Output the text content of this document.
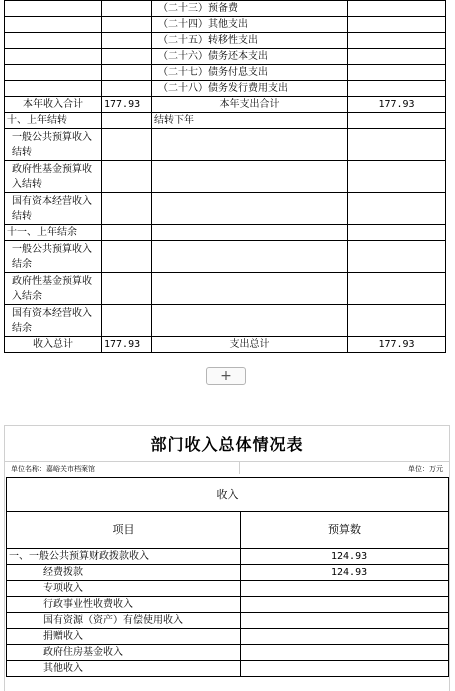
		（二十三）预备费	
		（二十四）其他支出	
		（二十五）转移性支出	
		（二十六）债务还本支出	
		（二十七）债务付息支出	
		（二十八）债务发行费用支出	
本年收入合计	177.93	本年支出合计	177.93
十、上年结转		结转下年	
一般公共预算收入结转			
政府性基金预算收入结转			
国有资本经营收入结转			
十一、上年结余			
一般公共预算收入结余			
政府性基金预算收入结余			
国有资本经营收入结余			
收入总计	177.93	支出总计	177.93
+
部门收入总体情况表
单位名称：嘉峪关市档案馆	单位：万元
收入	
项目	预算数
一、一般公共预算财政拨款收入	124.93
经费拨款	124.93
专项收入	
行政事业性收费收入	
国有资源（资产）有偿使用收入	
捐赠收入	
政府住房基金收入	
其他收入	
